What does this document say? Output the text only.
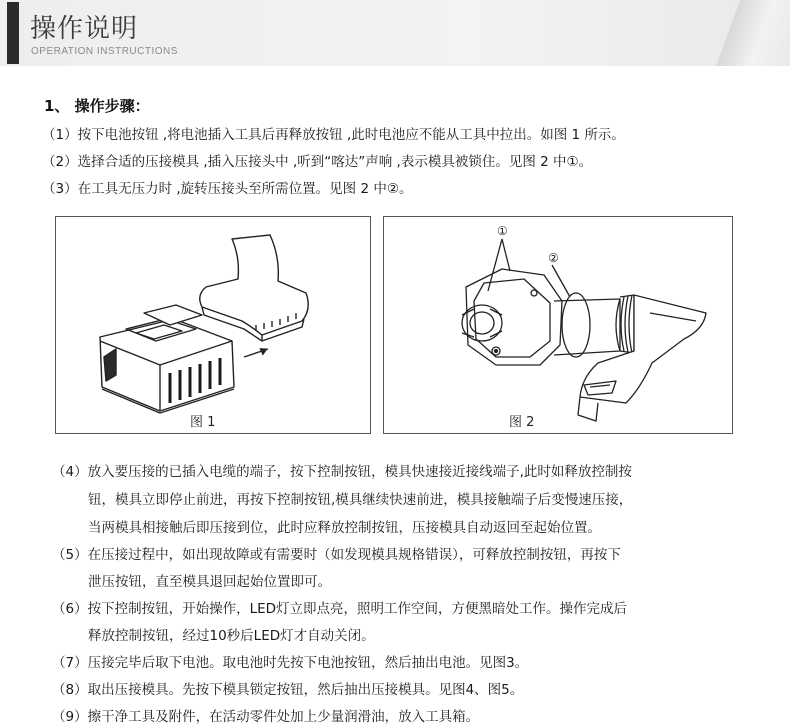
操作说明
OPERATION INSTRUCTIONS
1、 操作步骤：
（1）按下电池按钮 ,将电池插入工具后再释放按钮 ,此时电池应不能从工具中拉出。如图 1 所示。
（2）选择合适的压接模具 ,插入压接头中 ,听到“喀达”声响 ,表示模具被锁住。见图 2 中①。
（3）在工具无压力时 ,旋转压接头至所需位置。见图 2 中②。
图 1
①
②
图 2
（4）放入要压接的已插入电缆的端子，按下控制按钮，模具快速接近接线端子,此时如释放控制按
钮，模具立即停止前进，再按下控制按钮,模具继续快速前进，模具接触端子后变慢速压接，
当两模具相接触后即压接到位，此时应释放控制按钮，压接模具自动返回至起始位置。
（5）在压接过程中，如出现故障或有需要时（如发现模具规格错误），可释放控制按钮，再按下
泄压按钮，直至模具退回起始位置即可。
（6）按下控制按钮，开始操作，LED灯立即点亮，照明工作空间，方便黑暗处工作。操作完成后
释放控制按钮，经过10秒后LED灯才自动关闭。
（7）压接完毕后取下电池。取电池时先按下电池按钮，然后抽出电池。见图3。
（8）取出压接模具。先按下模具锁定按钮，然后抽出压接模具。见图4、图5。
（9）擦干净工具及附件，在活动零件处加上少量润滑油，放入工具箱。
